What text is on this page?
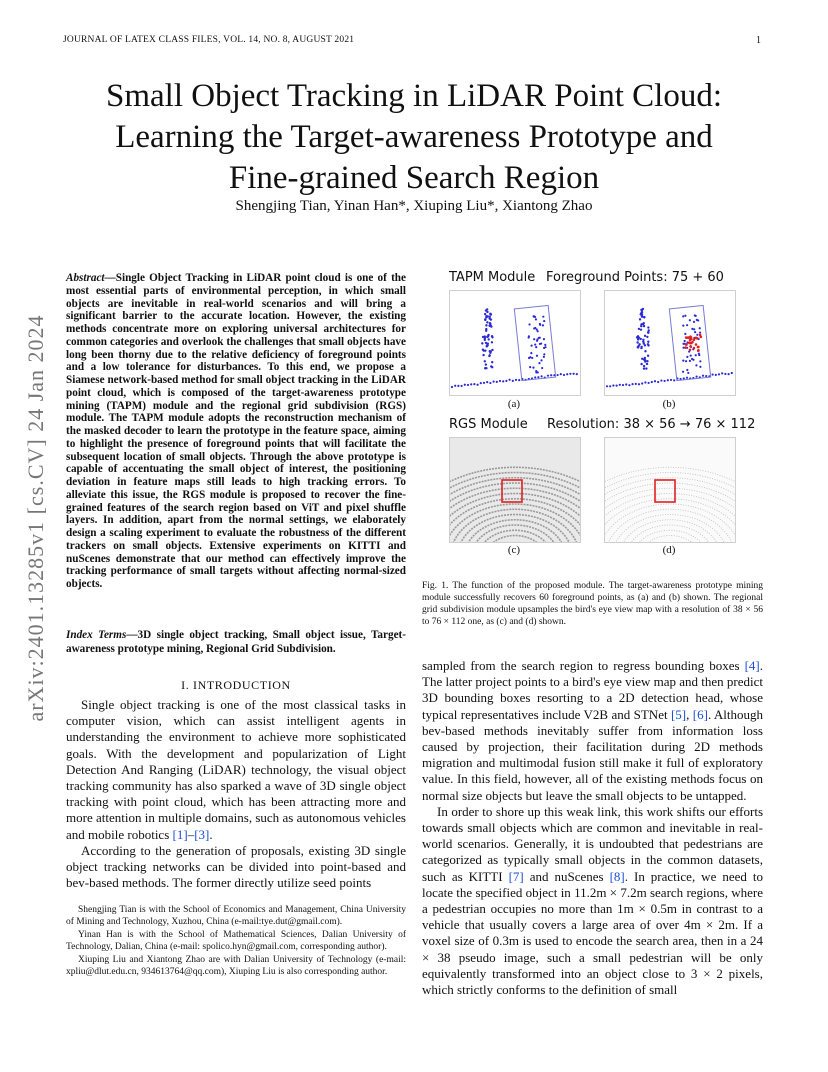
JOURNAL OF LATEX CLASS FILES, VOL. 14, NO. 8, AUGUST 2021	1
Small Object Tracking in LiDAR Point Cloud:
Learning the Target-awareness Prototype and
Fine-grained Search Region
Shengjing Tian, Yinan Han*, Xiuping Liu*, Xiantong Zhao
arXiv:2401.13285v1 [cs.CV] 24 Jan 2024
Abstract—Single Object Tracking in LiDAR point cloud is one of the most essential parts of environmental perception, in which small objects are inevitable in real-world scenarios and will bring a significant barrier to the accurate location. However, the existing methods concentrate more on exploring universal architectures for common categories and overlook the challenges that small objects have long been thorny due to the relative deficiency of foreground points and a low tolerance for disturbances. To this end, we propose a Siamese network-based method for small object tracking in the LiDAR point cloud, which is composed of the target-awareness prototype mining (TAPM) module and the regional grid subdivision (RGS) module. The TAPM module adopts the reconstruction mechanism of the masked decoder to learn the prototype in the feature space, aiming to highlight the presence of foreground points that will facilitate the subsequent location of small objects. Through the above prototype is capable of accentuating the small object of interest, the positioning deviation in feature maps still leads to high tracking errors. To alleviate this issue, the RGS module is proposed to recover the fine-grained features of the search region based on ViT and pixel shuffle layers. In addition, apart from the normal settings, we elaborately design a scaling experiment to evaluate the robustness of the different trackers on small objects. Extensive experiments on KITTI and nuScenes demonstrate that our method can effectively improve the tracking performance of small targets without affecting normal-sized objects.
Index Terms—3D single object tracking, Small object issue, Target-awareness prototype mining, Regional Grid Subdivision.
I. INTRODUCTION

Single object tracking is one of the most classical tasks in computer vision, which can assist intelligent agents in understanding the environment to achieve more sophisticated goals. With the development and popularization of Light Detection And Ranging (LiDAR) technology, the visual object tracking community has also sparked a wave of 3D single object tracking with point cloud, which has been attracting more and more attention in multiple domains, such as autonomous vehicles and mobile robotics [1]–[3].

According to the generation of proposals, existing 3D single object tracking networks can be divided into point-based and bev-based methods. The former directly utilize seed points

Shengjing Tian is with the School of Economics and Management, China University of Mining and Technology, Xuzhou, China (e-mail:tye.dut@gmail.com).

Yinan Han is with the School of Mathematical Sciences, Dalian University of Technology, Dalian, China (e-mail: spolico.hyn@gmail.com, corresponding author).

Xiuping Liu and Xiantong Zhao are with Dalian University of Technology (e-mail: xpliu@dlut.edu.cn, 934613764@qq.com), Xiuping Liu is also corresponding author.

TAPM Module Foreground Points: 75 + 60
(a)	(b)
RGS Module Resolution: 38 × 56 → 76 × 112
(c)	(d)
Fig. 1. The function of the proposed module. The target-awareness prototype mining module successfully recovers 60 foreground points, as (a) and (b) shown. The regional grid subdivision module upsamples the bird's eye view map with a resolution of 38 × 56 to 76 × 112 one, as (c) and (d) shown.

sampled from the search region to regress bounding boxes [4]. The latter project points to a bird's eye view map and then predict 3D bounding boxes resorting to a 2D detection head, whose typical representatives include V2B and STNet [5], [6]. Although bev-based methods inevitably suffer from information loss caused by projection, their facilitation during 2D methods migration and multimodal fusion still make it full of exploratory value. In this field, however, all of the existing methods focus on normal size objects but leave the small objects to be untapped.

In order to shore up this weak link, this work shifts our efforts towards small objects which are common and inevitable in real-world scenarios. Generally, it is undoubted that pedestrians are categorized as typically small objects in the common datasets, such as KITTI [7] and nuScenes [8]. In practice, we need to locate the specified object in 11.2m × 7.2m search regions, where a pedestrian occupies no more than 1m × 0.5m in contrast to a vehicle that usually covers a large area of over 4m × 2m. If a voxel size of 0.3m is used to encode the search area, then in a 24 × 38 pseudo image, such a small pedestrian will be only equivalently transformed into an object close to 3 × 2 pixels, which strictly conforms to the definition of small
